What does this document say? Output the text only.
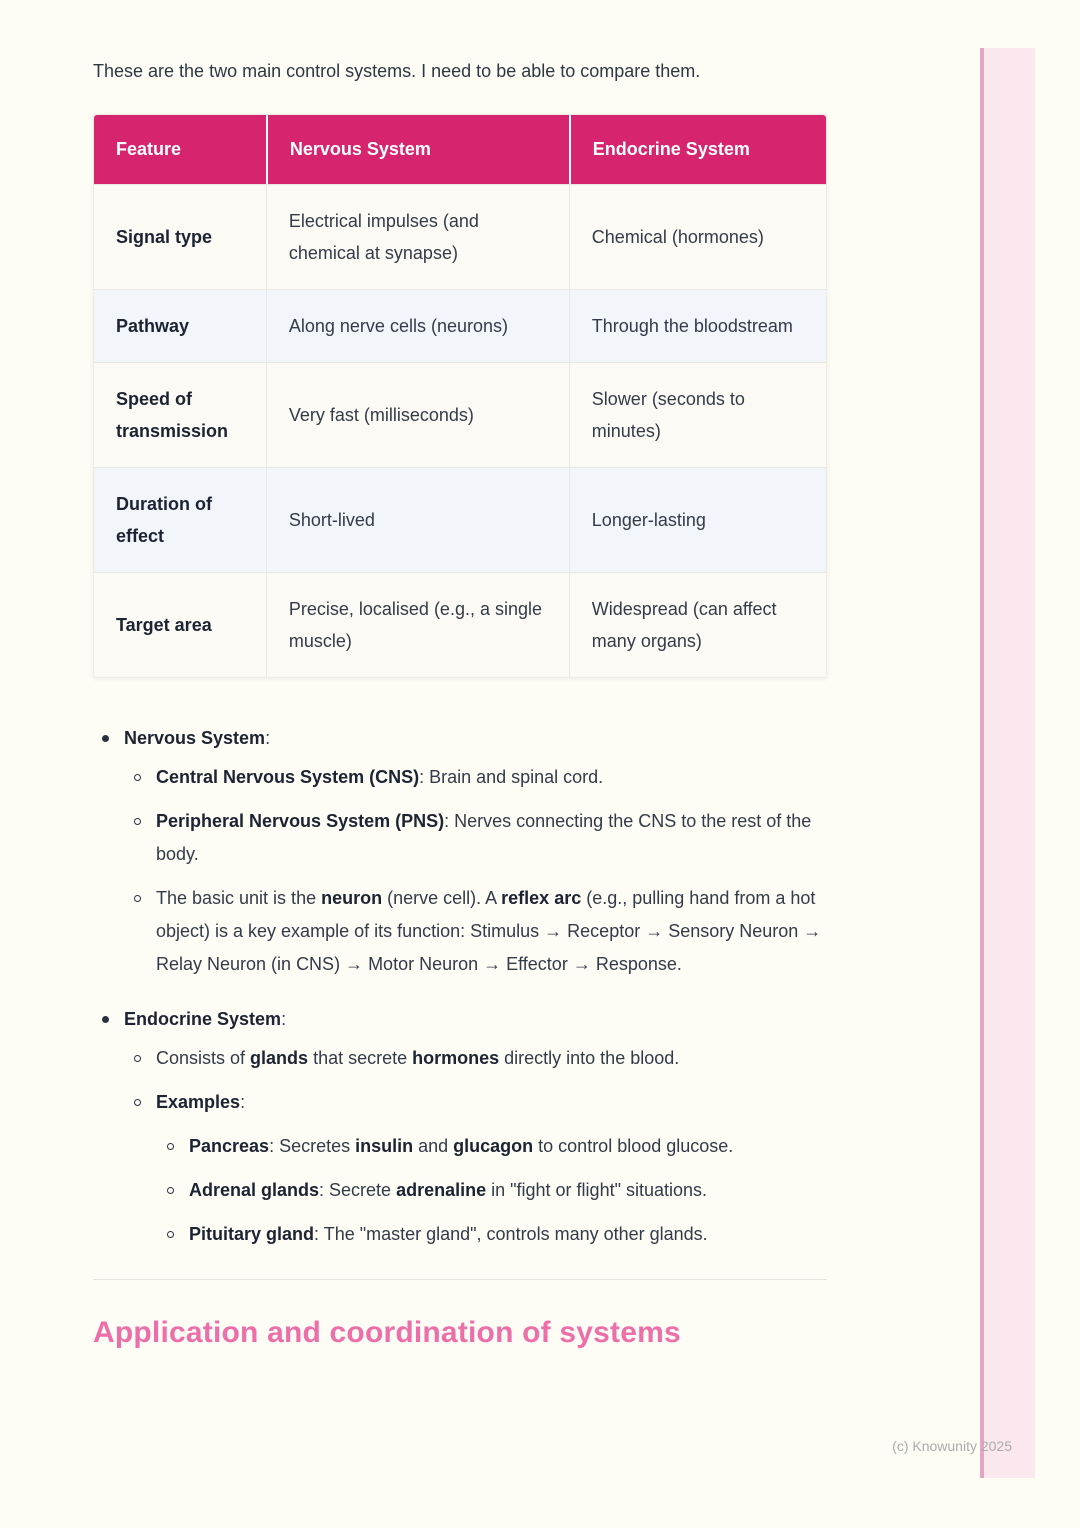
These are the two main control systems. I need to be able to compare them.

Feature	Nervous System	Endocrine System
Signal type	Electrical impulses (and chemical at synapse)	Chemical (hormones)
Pathway	Along nerve cells (neurons)	Through the bloodstream
Speed of transmission	Very fast (milliseconds)	Slower (seconds to minutes)
Duration of effect	Short-lived	Longer-lasting
Target area	Precise, localised (e.g., a single muscle)	Widespread (can affect many organs)
Nervous System:
Central Nervous System (CNS): Brain and spinal cord.
Peripheral Nervous System (PNS): Nerves connecting the CNS to the rest of the body.
The basic unit is the neuron (nerve cell). A reflex arc (e.g., pulling hand from a hot object) is a key example of its function: Stimulus → Receptor → Sensory Neuron → Relay Neuron (in CNS) → Motor Neuron → Effector → Response.
Endocrine System:
Consists of glands that secrete hormones directly into the blood.
Examples:
Pancreas: Secretes insulin and glucagon to control blood glucose.
Adrenal glands: Secrete adrenaline in "fight or flight" situations.
Pituitary gland: The "master gland", controls many other glands.
Application and coordination of systems
(c) Knowunity 2025
